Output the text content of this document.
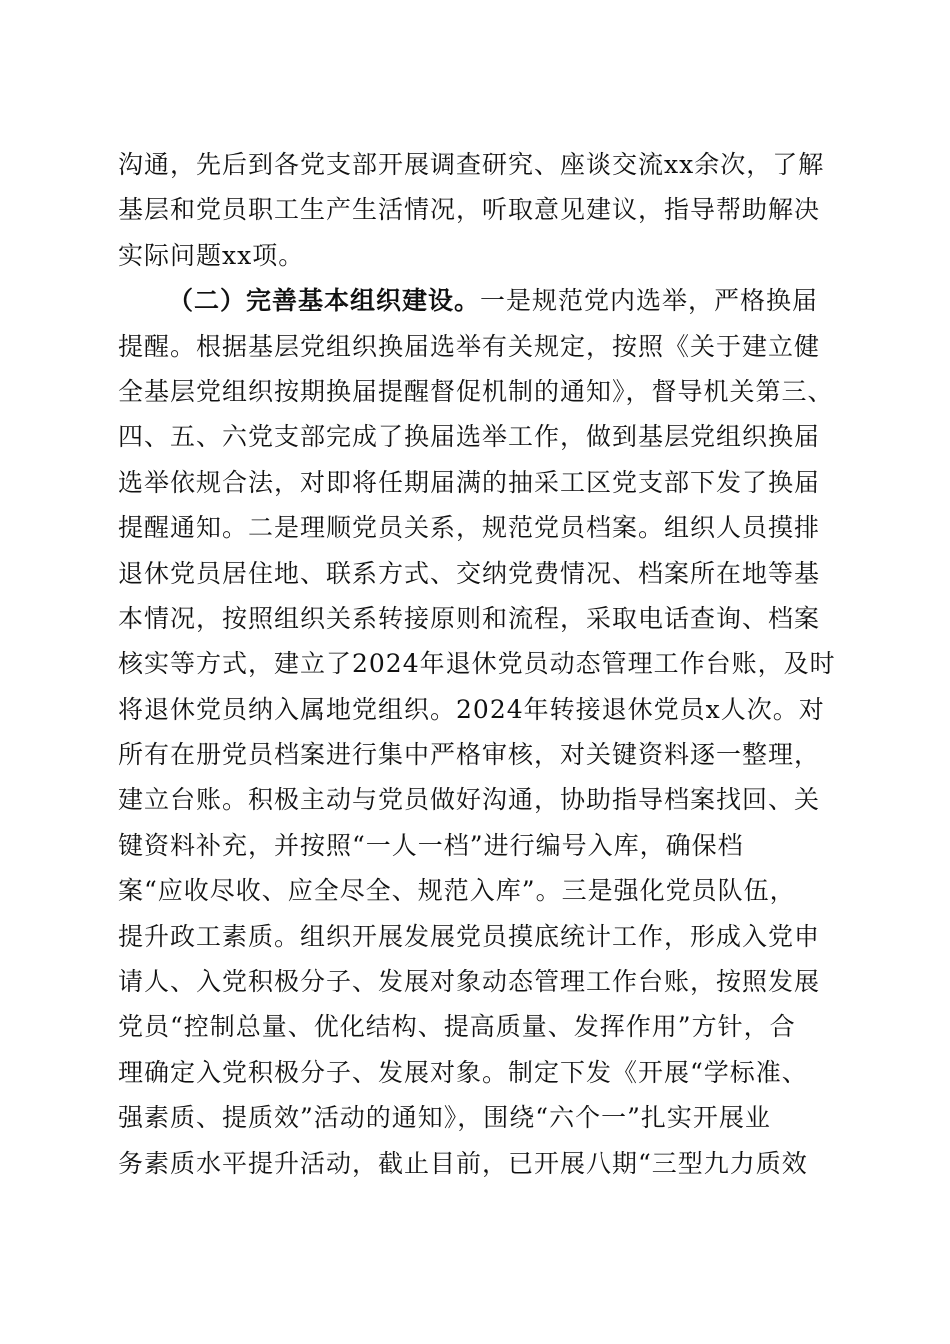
沟通，先后到各党支部开展调查研究、座谈交流xx余次，了解
基层和党员职工生产生活情况，听取意见建议，指导帮助解决
实际问题xx项。
（二）完善基本组织建设。一是规范党内选举，严格换届
提醒。根据基层党组织换届选举有关规定，按照《关于建立健
全基层党组织按期换届提醒督促机制的通知》，督导机关第三、
四、五、六党支部完成了换届选举工作，做到基层党组织换届
选举依规合法，对即将任期届满的抽采工区党支部下发了换届
提醒通知。二是理顺党员关系，规范党员档案。组织人员摸排
退休党员居住地、联系方式、交纳党费情况、档案所在地等基
本情况，按照组织关系转接原则和流程，采取电话查询、档案
核实等方式，建立了2024年退休党员动态管理工作台账，及时
将退休党员纳入属地党组织。2024年转接退休党员x人次。对
所有在册党员档案进行集中严格审核，对关键资料逐一整理，
建立台账。积极主动与党员做好沟通，协助指导档案找回、关
键资料补充，并按照“一人一档”进行编号入库，确保档
案“应收尽收、应全尽全、规范入库”。三是强化党员队伍，
提升政工素质。组织开展发展党员摸底统计工作，形成入党申
请人、入党积极分子、发展对象动态管理工作台账，按照发展
党员“控制总量、优化结构、提高质量、发挥作用”方针，合
理确定入党积极分子、发展对象。制定下发《开展“学标准、
强素质、提质效”活动的通知》，围绕“六个一”扎实开展业
务素质水平提升活动，截止目前，已开展八期“三型九力质效
